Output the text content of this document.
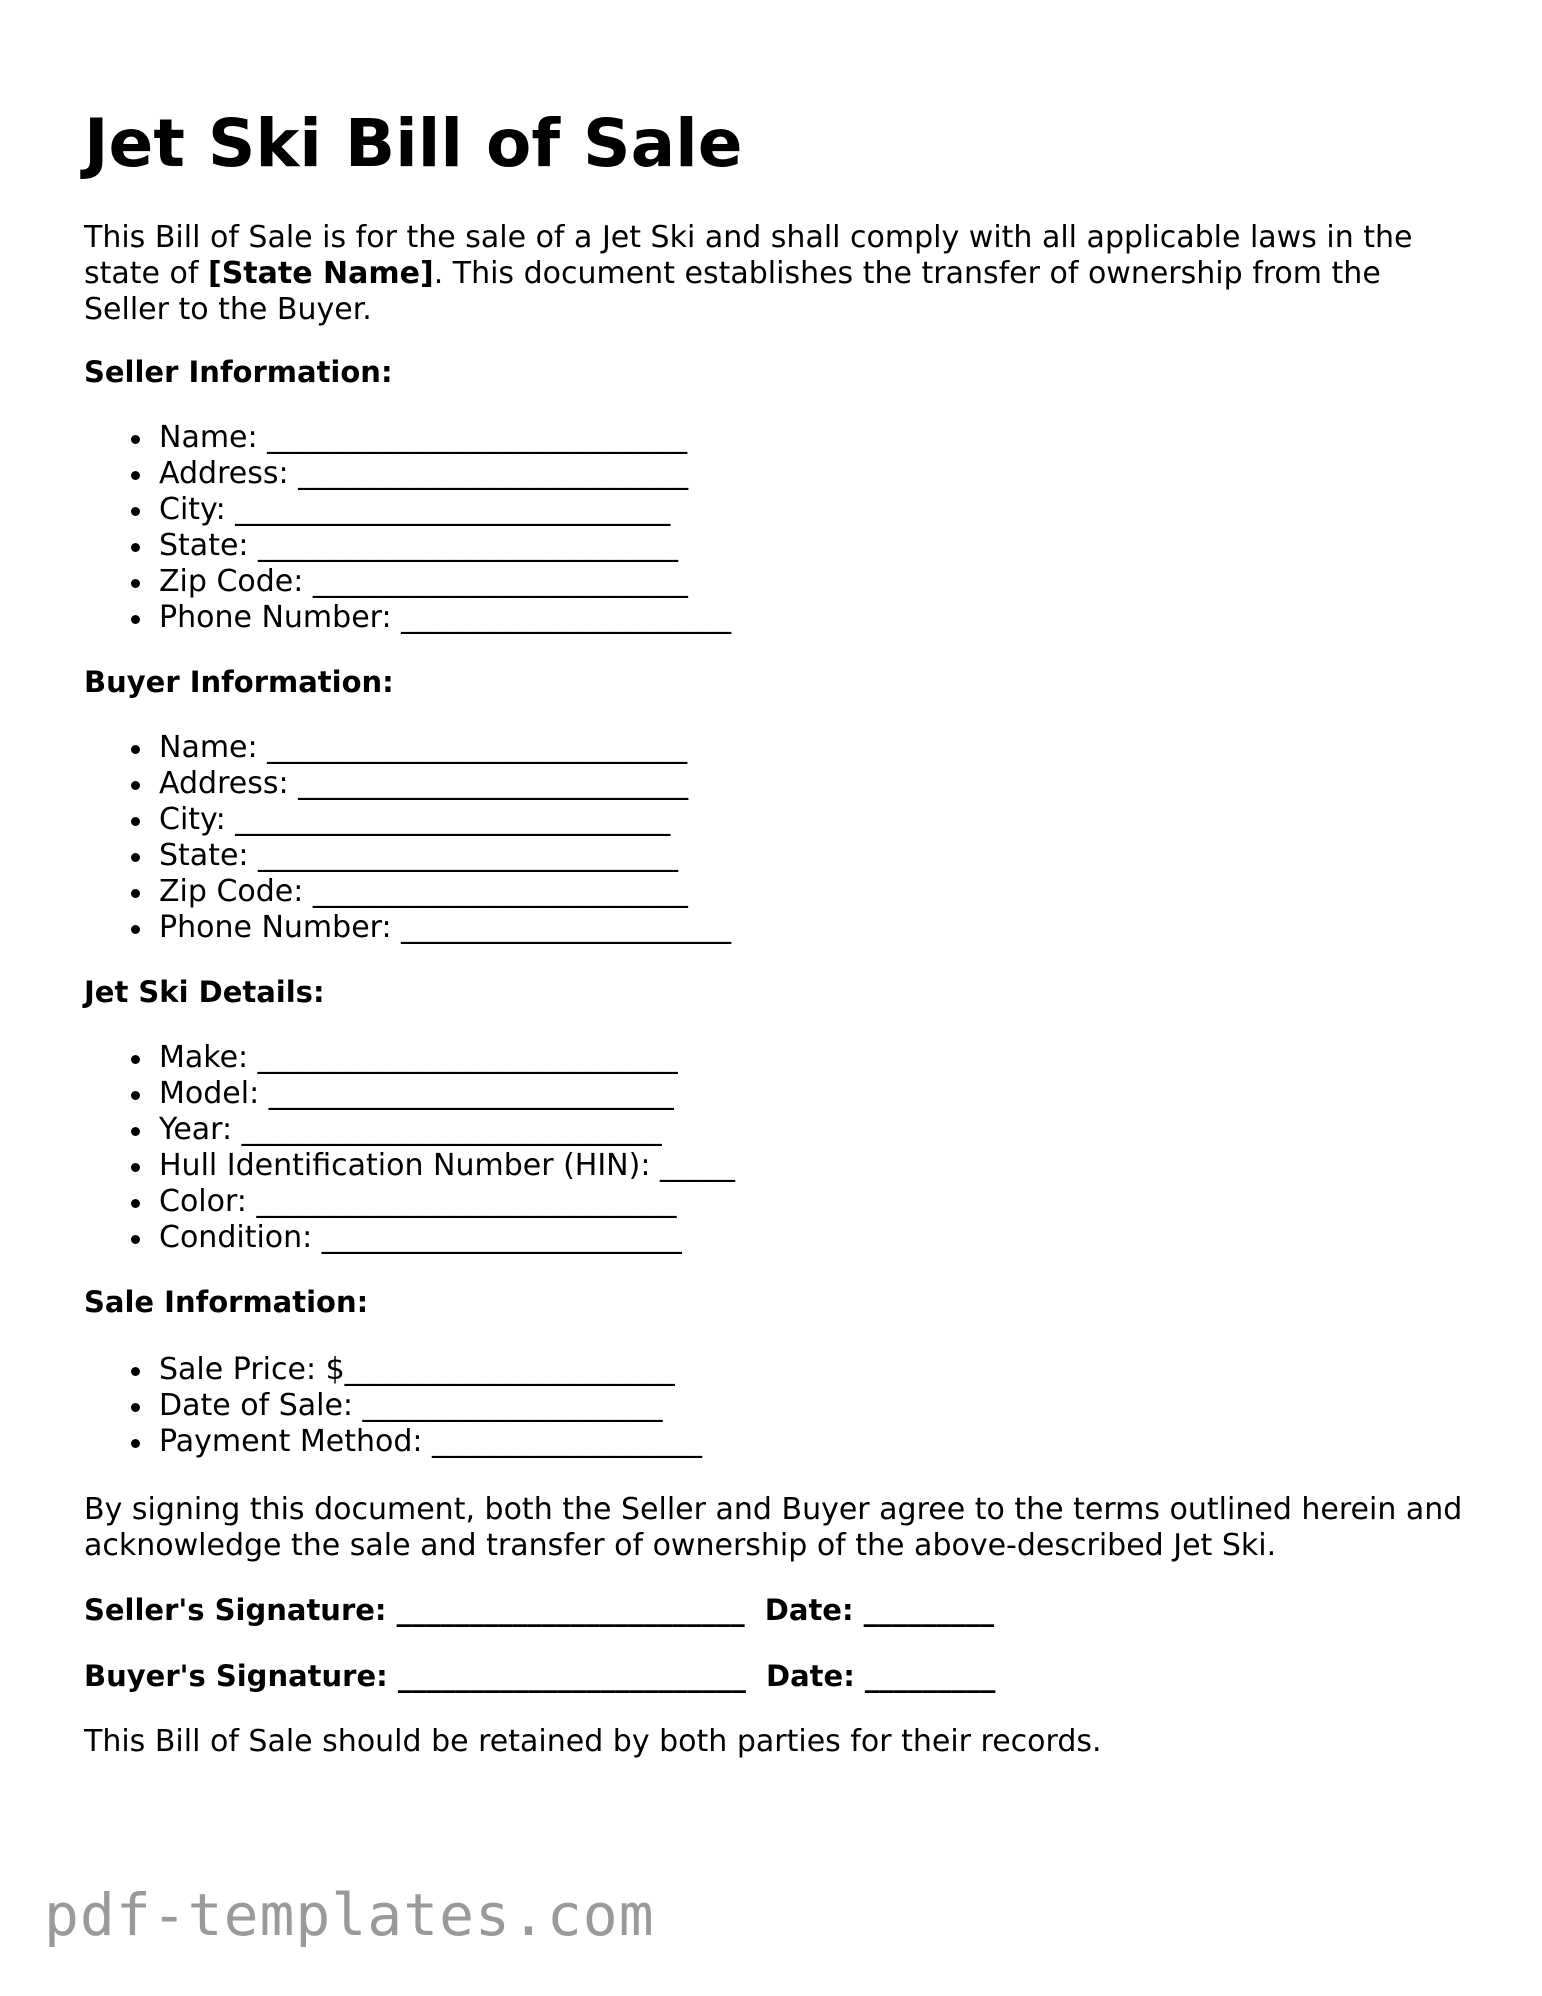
Jet Ski Bill of Sale

This Bill of Sale is for the sale of a Jet Ski and shall comply with all applicable laws in the state of [State Name]. This document establishes the transfer of ownership from the Seller to the Buyer.

Seller Information:
Name: ____________________________
Address: __________________________
City: _____________________________
State: ____________________________
Zip Code: _________________________
Phone Number: ______________________
Buyer Information:
Name: ____________________________
Address: __________________________
City: _____________________________
State: ____________________________
Zip Code: _________________________
Phone Number: ______________________
Jet Ski Details:
Make: ____________________________
Model: ___________________________
Year: ____________________________
Hull Identification Number (HIN): _____
Color: ____________________________
Condition: ________________________
Sale Information:
Sale Price: $______________________
Date of Sale: ____________________
Payment Method: __________________

By signing this document, both the Seller and Buyer agree to the terms outlined herein and acknowledge the sale and transfer of ownership of the above-described Jet Ski.

Seller's Signature: ________________________  Date: _________
Buyer's Signature: ________________________  Date: _________

This Bill of Sale should be retained by both parties for their records.

pdf-templates.com
